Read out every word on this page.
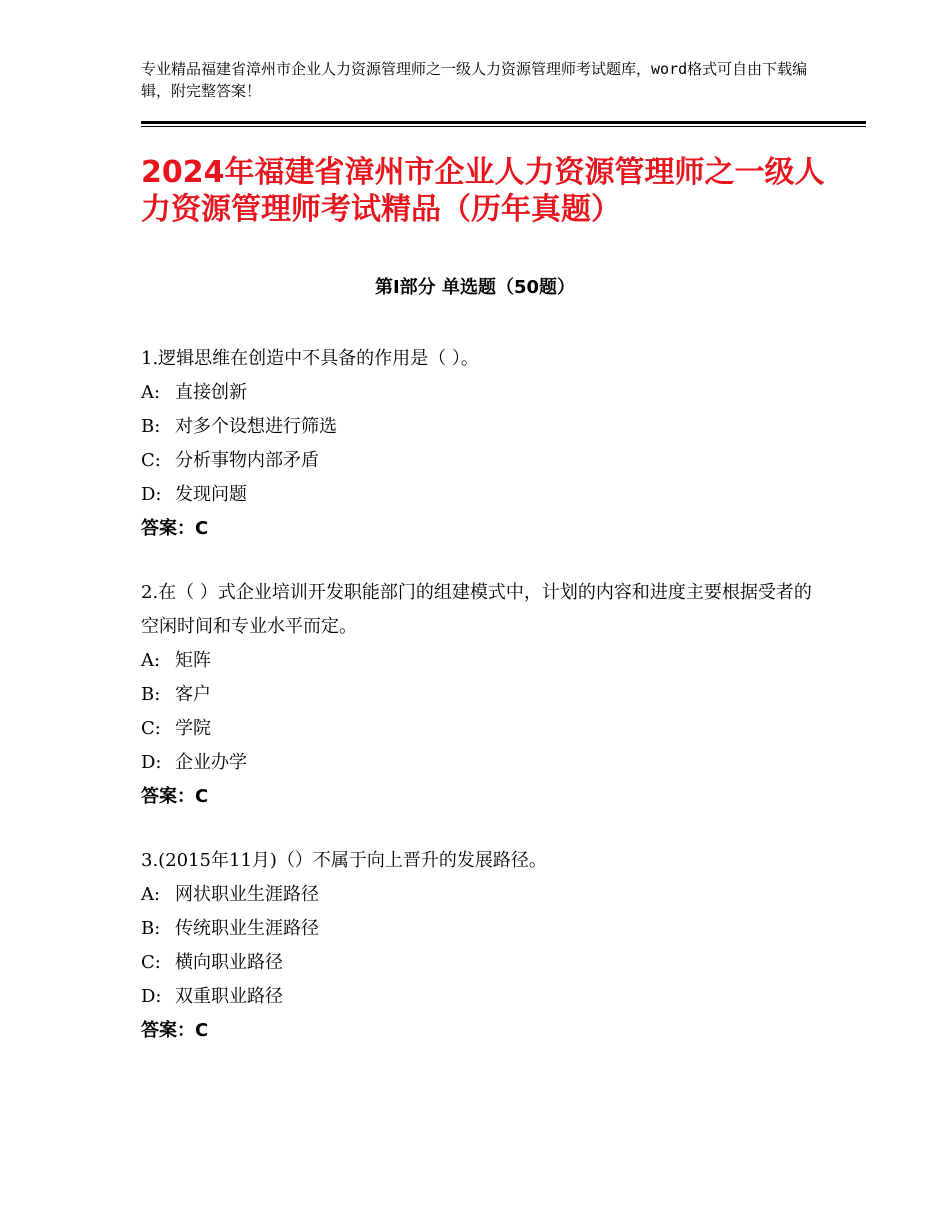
专业精品福建省漳州市企业人力资源管理师之一级人力资源管理师考试题库，word格式可自由下载编辑，附完整答案！
2024年福建省漳州市企业人力资源管理师之一级人力资源管理师考试精品（历年真题）
第Ⅰ部分 单选题（50题）
1.逻辑思维在创造中不具备的作用是（ ）。
A: 直接创新
B: 对多个设想进行筛选
C: 分析事物内部矛盾
D: 发现问题
答案：C
2.在（ ）式企业培训开发职能部门的组建模式中，计划的内容和进度主要根据受者的空闲时间和专业水平而定。
A: 矩阵
B: 客户
C: 学院
D: 企业办学
答案：C
3.(2015年11月)（）不属于向上晋升的发展路径。
A: 网状职业生涯路径
B: 传统职业生涯路径
C: 横向职业路径
D: 双重职业路径
答案：C
